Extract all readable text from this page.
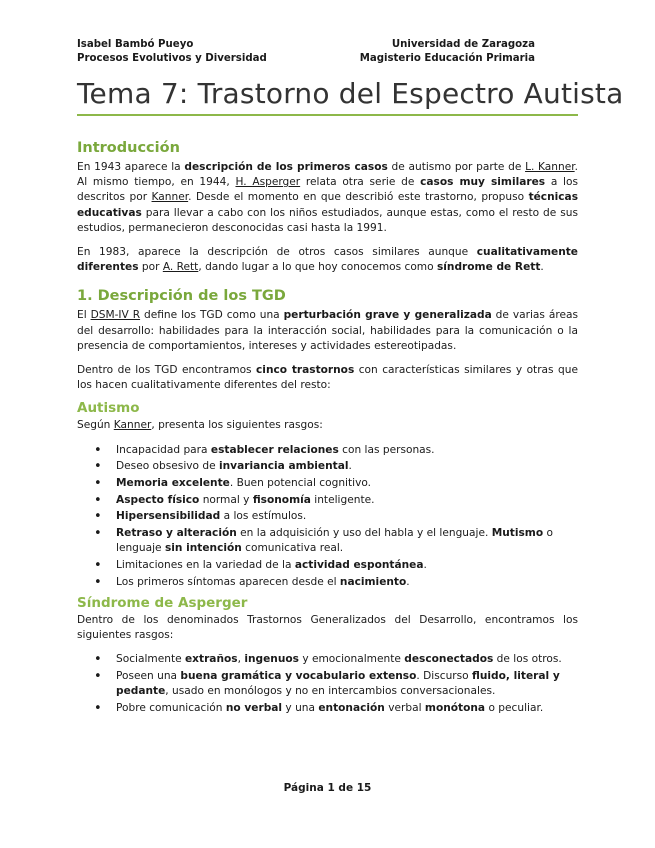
Isabel Bambó Pueyo
Procesos Evolutivos y Diversidad
Universidad de Zaragoza
Magisterio Educación Primaria
Tema 7: Trastorno del Espectro Autista
Introducción

En 1943 aparece la descripción de los primeros casos de autismo por parte de L. Kanner. Al mismo tiempo, en 1944, H. Asperger relata otra serie de casos muy similares a los descritos por Kanner. Desde el momento en que describió este trastorno, propuso técnicas educativas para llevar a cabo con los niños estudiados, aunque estas, como el resto de sus estudios, permanecieron desconocidas casi hasta la 1991.

En 1983, aparece la descripción de otros casos similares aunque cualitativamente diferentes por A. Rett, dando lugar a lo que hoy conocemos como síndrome de Rett.

1. Descripción de los TGD

El DSM-IV R define los TGD como una perturbación grave y generalizada de varias áreas del desarrollo: habilidades para la interacción social, habilidades para la comunicación o la presencia de comportamientos, intereses y actividades estereotipadas.

Dentro de los TGD encontramos cinco trastornos con características similares y otras que los hacen cualitativamente diferentes del resto:

Autismo

Según Kanner, presenta los siguientes rasgos:

• Incapacidad para establecer relaciones con las personas.
• Deseo obsesivo de invariancia ambiental.
• Memoria excelente. Buen potencial cognitivo.
• Aspecto físico normal y fisonomía inteligente.
• Hipersensibilidad a los estímulos.
• Retraso y alteración en la adquisición y uso del habla y el lenguaje. Mutismo o lenguaje sin intención comunicativa real.
• Limitaciones en la variedad de la actividad espontánea.
• Los primeros síntomas aparecen desde el nacimiento.
Síndrome de Asperger

Dentro de los denominados Trastornos Generalizados del Desarrollo, encontramos los siguientes rasgos:

• Socialmente extraños, ingenuos y emocionalmente desconectados de los otros.
• Poseen una buena gramática y vocabulario extenso. Discurso fluido, literal y pedante, usado en monólogos y no en intercambios conversacionales.
• Pobre comunicación no verbal y una entonación verbal monótona o peculiar.
Página 1 de 15
